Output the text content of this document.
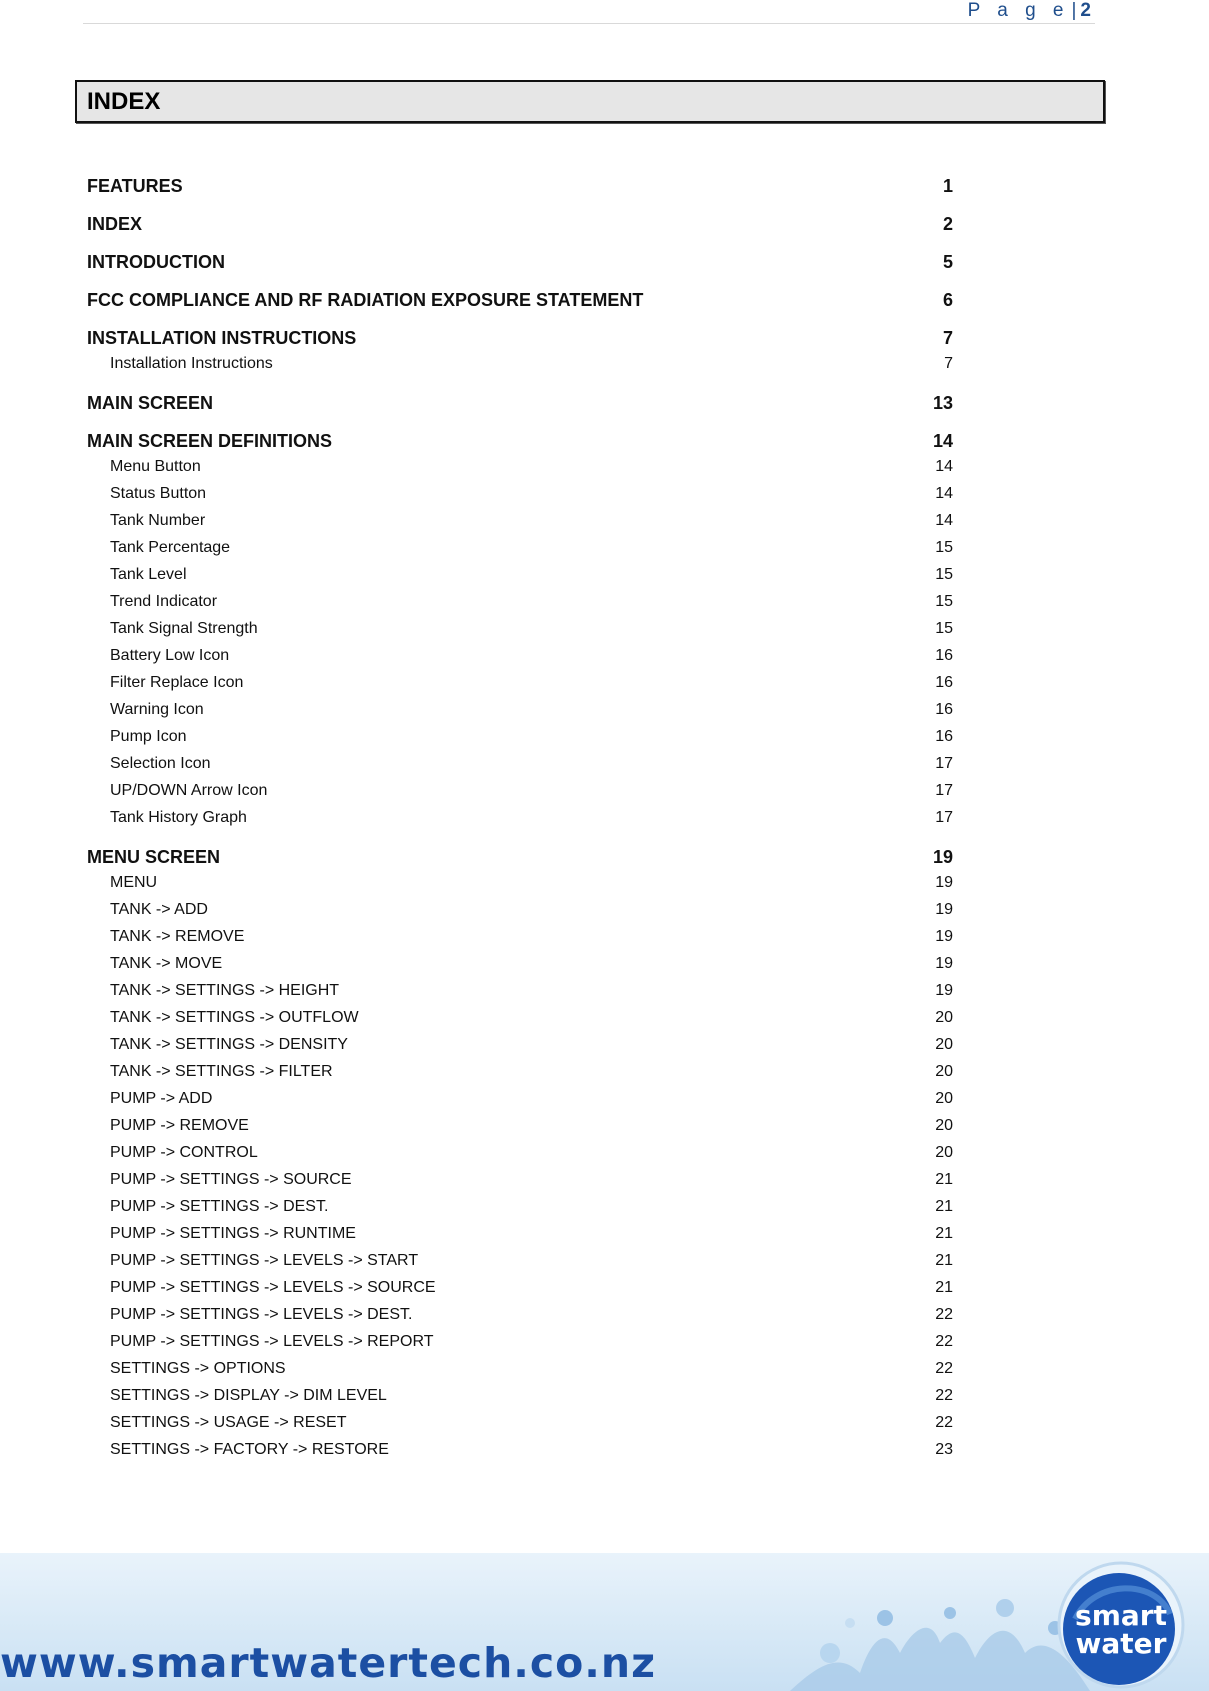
P a g e | 2
INDEX
FEATURES	1
INDEX	2
INTRODUCTION	5
FCC COMPLIANCE AND RF RADIATION EXPOSURE STATEMENT	6
INSTALLATION INSTRUCTIONS	7
Installation Instructions	7
MAIN SCREEN	13
MAIN SCREEN DEFINITIONS	14
Menu Button	14
Status Button	14
Tank Number	14
Tank Percentage	15
Tank Level	15
Trend Indicator	15
Tank Signal Strength	15
Battery Low Icon	16
Filter Replace Icon	16
Warning Icon	16
Pump Icon	16
Selection Icon	17
UP/DOWN Arrow Icon	17
Tank History Graph	17
MENU SCREEN	19
MENU	19
TANK -> ADD	19
TANK -> REMOVE	19
TANK -> MOVE	19
TANK -> SETTINGS -> HEIGHT	19
TANK -> SETTINGS -> OUTFLOW	20
TANK -> SETTINGS -> DENSITY	20
TANK -> SETTINGS -> FILTER	20
PUMP -> ADD	20
PUMP -> REMOVE	20
PUMP -> CONTROL	20
PUMP -> SETTINGS -> SOURCE	21
PUMP -> SETTINGS -> DEST.	21
PUMP -> SETTINGS -> RUNTIME	21
PUMP -> SETTINGS -> LEVELS -> START	21
PUMP -> SETTINGS -> LEVELS -> SOURCE	21
PUMP -> SETTINGS -> LEVELS -> DEST.	22
PUMP -> SETTINGS -> LEVELS -> REPORT	22
SETTINGS -> OPTIONS	22
SETTINGS -> DISPLAY -> DIM LEVEL	22
SETTINGS -> USAGE -> RESET	22
SETTINGS -> FACTORY -> RESTORE	23
www.smartwatertech.co.nz
smart
water
